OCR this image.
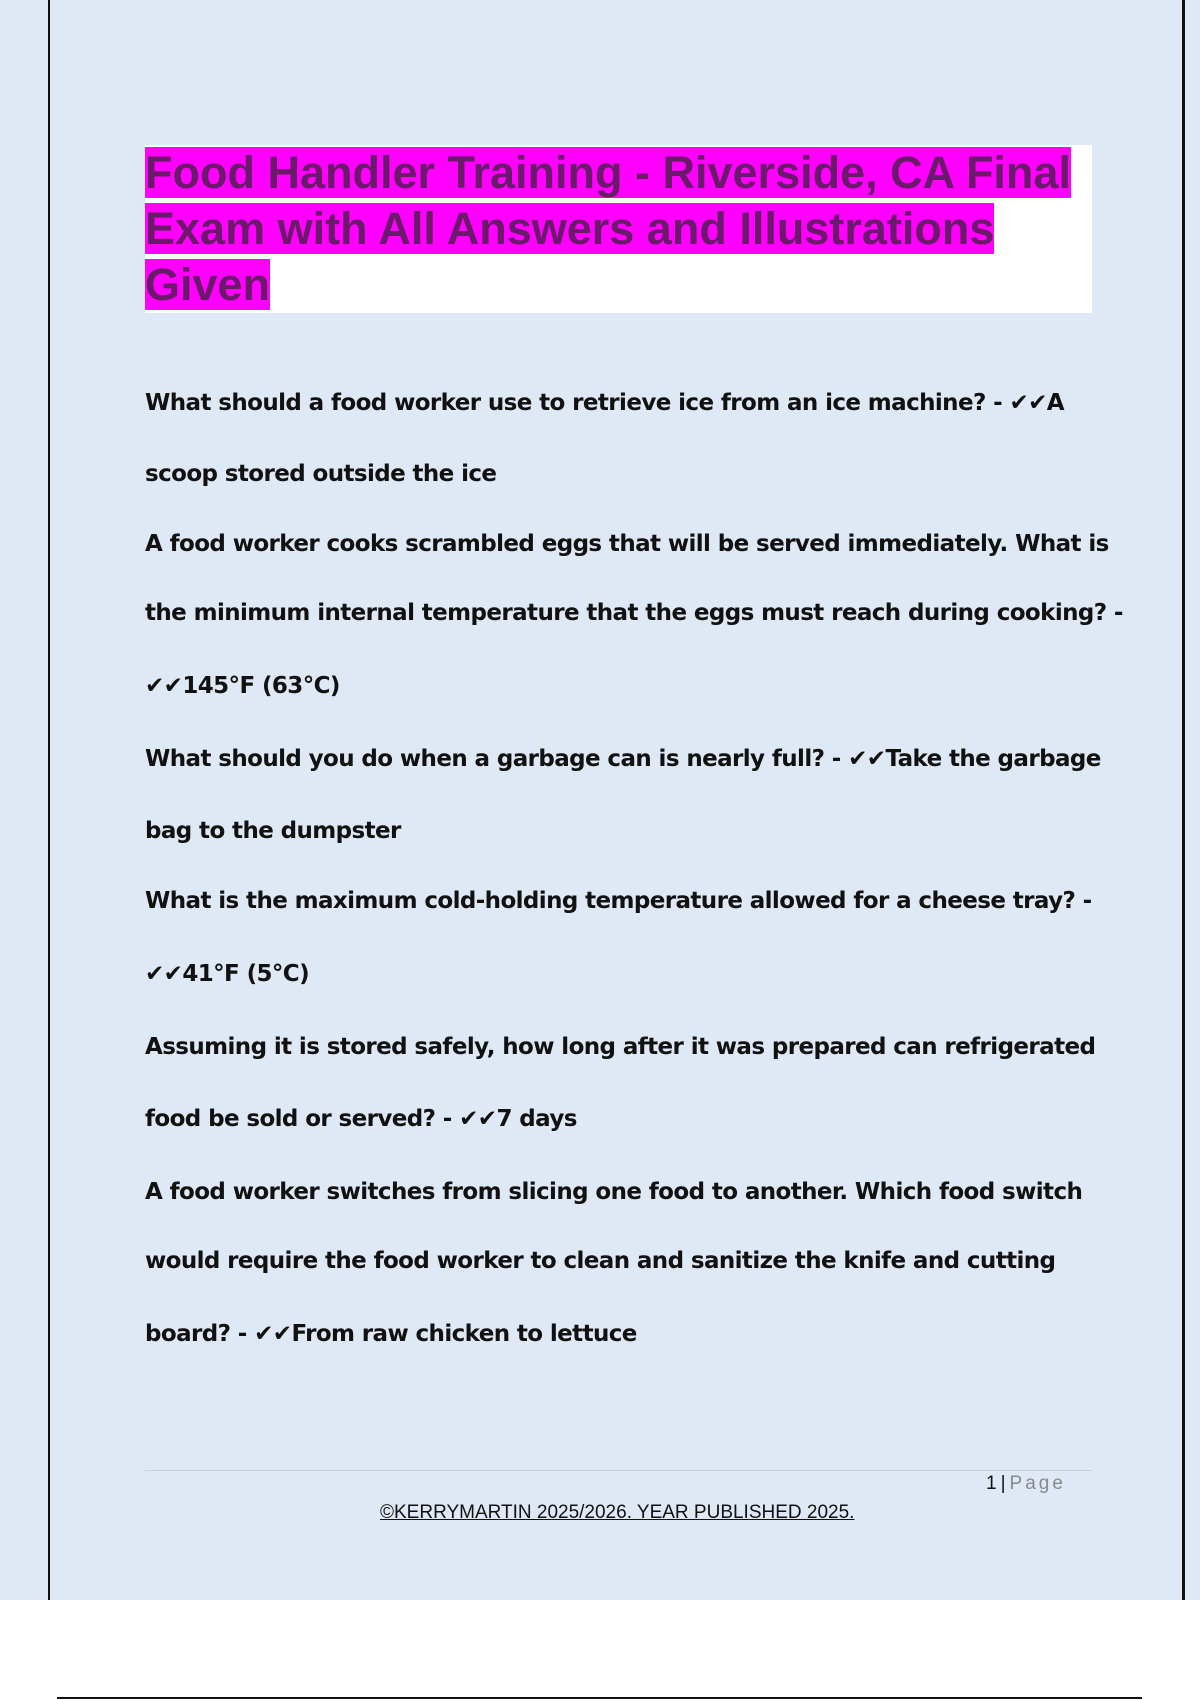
Food Handler Training - Riverside, CA Final Exam with All Answers and Illustrations Given

What should a food worker use to retrieve ice from an ice machine? - ✔✔A

scoop stored outside the ice

A food worker cooks scrambled eggs that will be served immediately. What is

the minimum internal temperature that the eggs must reach during cooking? -

✔✔145°F (63°C)

What should you do when a garbage can is nearly full? - ✔✔Take the garbage

bag to the dumpster

What is the maximum cold-holding temperature allowed for a cheese tray? -

✔✔41°F (5°C)

Assuming it is stored safely, how long after it was prepared can refrigerated

food be sold or served? - ✔✔7 days

A food worker switches from slicing one food to another. Which food switch

would require the food worker to clean and sanitize the knife and cutting

board? - ✔✔From raw chicken to lettuce

1 | Page
©KERRYMARTIN 2025/2026. YEAR PUBLISHED 2025.
